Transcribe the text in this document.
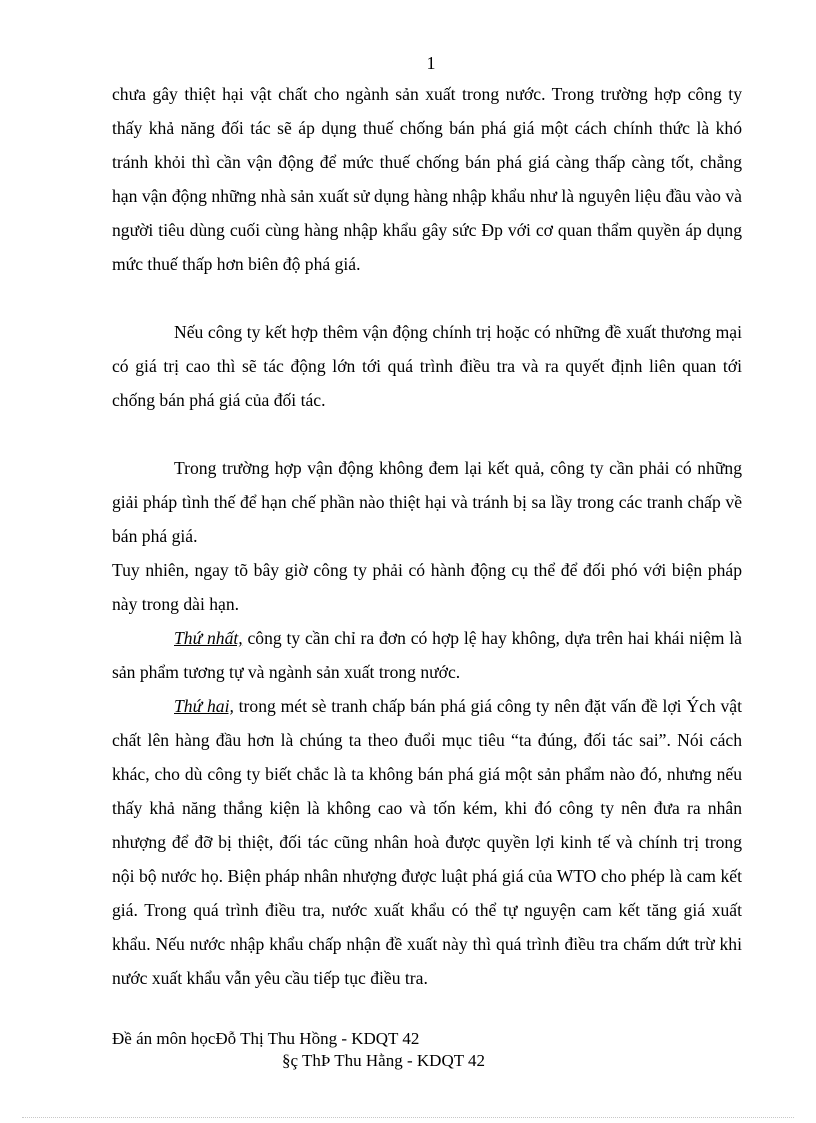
1

chưa gây thiệt hại vật chất cho ngành sản xuất trong nước. Trong trường hợp công ty thấy khả năng đối tác sẽ áp dụng thuế chống bán phá giá một cách chính thức là khó tránh khỏi thì cần vận động để mức thuế chống bán phá giá càng thấp càng tốt, chẳng hạn vận động những nhà sản xuất sử dụng hàng nhập khẩu như là nguyên liệu đầu vào và người tiêu dùng cuối cùng hàng nhập khẩu gây sức Ðp với cơ quan thẩm quyền áp dụng mức thuế thấp hơn biên độ phá giá.

Nếu công ty kết hợp thêm vận động chính trị hoặc có những đề xuất thương mại có giá trị cao thì sẽ tác động lớn tới quá trình điều tra và ra quyết định liên quan tới chống bán phá giá của đối tác.

Trong trường hợp vận động không đem lại kết quả, công ty cần phải có những giải pháp tình thế để hạn chế phần nào thiệt hại và tránh bị sa lầy trong các tranh chấp về bán phá giá.

Tuy nhiên, ngay tõ bây giờ công ty phải có hành động cụ thể để đối phó với biện pháp này trong dài hạn.

Thứ nhất, công ty cần chỉ ra đơn có hợp lệ hay không, dựa trên hai khái niệm là sản phẩm tương tự và ngành sản xuất trong nước.

Thứ hai, trong mét sè tranh chấp bán phá giá công ty nên đặt vấn đề lợi Ých vật chất lên hàng đầu hơn là chúng ta theo đuổi mục tiêu “ta đúng, đối tác sai”. Nói cách khác, cho dù công ty biết chắc là ta không bán phá giá một sản phẩm nào đó, nhưng nếu thấy khả năng thắng kiện là không cao và tốn kém, khi đó công ty nên đưa ra nhân nhượng để đỡ bị thiệt, đối tác cũng nhân hoà được quyền lợi kinh tế và chính trị trong nội bộ nước họ. Biện pháp nhân nhượng được luật phá giá của WTO cho phép là cam kết giá. Trong quá trình điều tra, nước xuất khẩu có thể tự nguyện cam kết tăng giá xuất khẩu. Nếu nước nhập khẩu chấp nhận đề xuất này thì quá trình điều tra chấm dứt trừ khi nước xuất khẩu vẫn yêu cầu tiếp tục điều tra.

Đề án môn họcĐỗ Thị Thu Hồng - KDQT 42
§ç ThÞ Thu Hằng - KDQT 42
